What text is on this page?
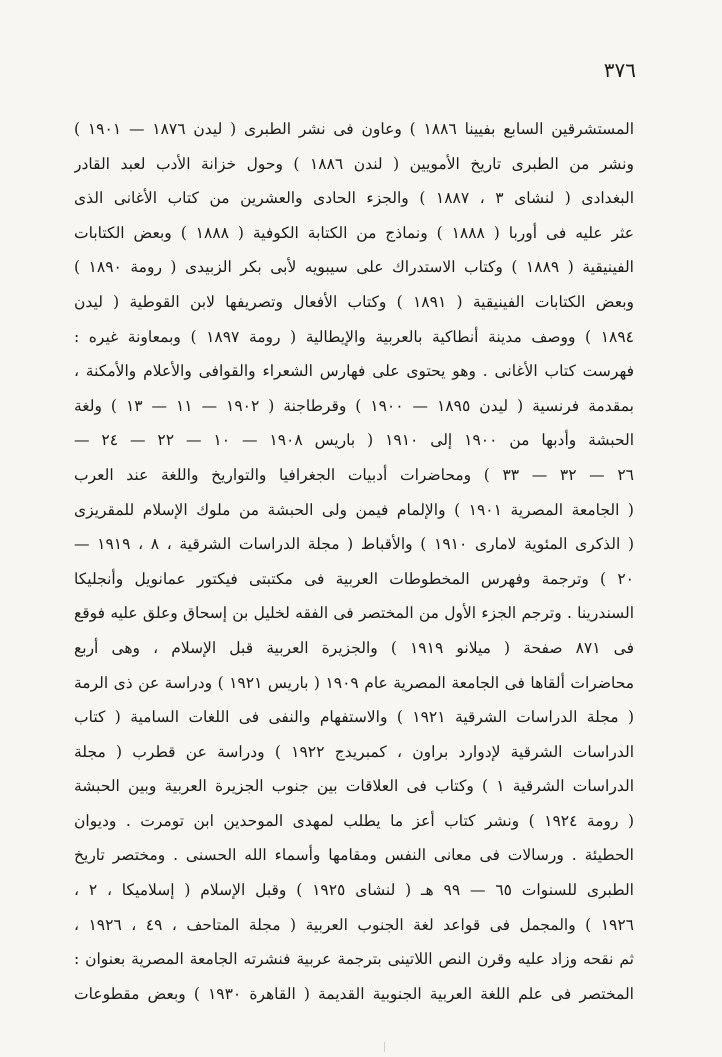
٣٧٦
المستشرقين السابع بفيينا ١٨٨٦ ) وعاون فى نشر الطبرى ( ليدن ١٨٧٦ — ١٩٠١ )
ونشر من الطبرى تاريخ الأمويين ( لندن ١٨٨٦ ) وحول خزانة الأدب لعبد القادر
البغدادى ( لنشاى ٣ ، ١٨٨٧ ) والجزء الحادى والعشرين من كتاب الأغانى الذى
عثر عليه فى أوربا ( ١٨٨٨ ) ونماذج من الكتابة الكوفية ( ١٨٨٨ ) وبعض الكتابات
الفينيقية ( ١٨٨٩ ) وكتاب الاستدراك على سيبويه لأبى بكر الزبيدى ( رومة ١٨٩٠ )
وبعض الكتابات الفينيقية ( ١٨٩١ ) وكتاب الأفعال وتصريفها لابن القوطية ( ليدن
١٨٩٤ ) ووصف مدينة أنطاكية بالعربية والإيطالية ( رومة ١٨٩٧ ) وبمعاونة غيره :
فهرست كتاب الأغانى . وهو يحتوى على فهارس الشعراء والقوافى والأعلام والأمكنة ،
بمقدمة فرنسية ( ليدن ١٨٩٥ — ١٩٠٠ ) وقرطاجنة ( ١٩٠٢ — ١١ — ١٣ ) ولغة
الحبشة وأدبها من ١٩٠٠ إلى ١٩١٠ ( باريس ١٩٠٨ — ١٠ — ٢٢ — ٢٤ —
٢٦ — ٣٢ — ٣٣ ) ومحاضرات أدبيات الجغرافيا والتواريخ واللغة عند العرب
( الجامعة المصرية ١٩٠١ ) والإلمام فيمن ولى الحبشة من ملوك الإسلام للمقريزى
( الذكرى المئوية لامارى ١٩١٠ ) والأقباط ( مجلة الدراسات الشرقية ، ٨ ، ١٩١٩ —
٢٠ ) وترجمة وفهرس المخطوطات العربية فى مكتبتى فيكتور عمانويل وأنجليكا
السندرينا . وترجم الجزء الأول من المختصر فى الفقه لخليل بن إسحاق وعلق عليه فوقع
فى ٨٧١ صفحة ( ميلانو ١٩١٩ ) والجزيرة العربية قبل الإسلام ، وهى أربع
محاضرات ألقاها فى الجامعة المصرية عام ١٩٠٩ ( باريس ١٩٢١ ) ودراسة عن ذى الرمة
( مجلة الدراسات الشرقية ١٩٢١ ) والاستفهام والنفى فى اللغات السامية ( كتاب
الدراسات الشرقية لإدوارد براون ، كمبريدج ١٩٢٢ ) ودراسة عن قطرب ( مجلة
الدراسات الشرقية ١ ) وكتاب فى العلاقات بين جنوب الجزيرة العربية وبين الحبشة
( رومة ١٩٢٤ ) ونشر كتاب أعز ما يطلب لمهدى الموحدين ابن تومرت . وديوان
الحطيئة . ورسالات فى معانى النفس ومقامها وأسماء الله الحسنى . ومختصر تاريخ
الطبرى للسنوات ٦٥ — ٩٩ هـ ( لنشاى ١٩٢٥ ) وقبل الإسلام ( إسلاميكا ، ٢ ،
١٩٢٦ ) والمجمل فى قواعد لغة الجنوب العربية ( مجلة المتاحف ، ٤٩ ، ١٩٢٦ ،
ثم نقحه وزاد عليه وقرن النص اللاتينى بترجمة عربية فنشرته الجامعة المصرية بعنوان :
المختصر فى علم اللغة العربية الجنوبية القديمة ( القاهرة ١٩٣٠ ) وبعض مقطوعات
